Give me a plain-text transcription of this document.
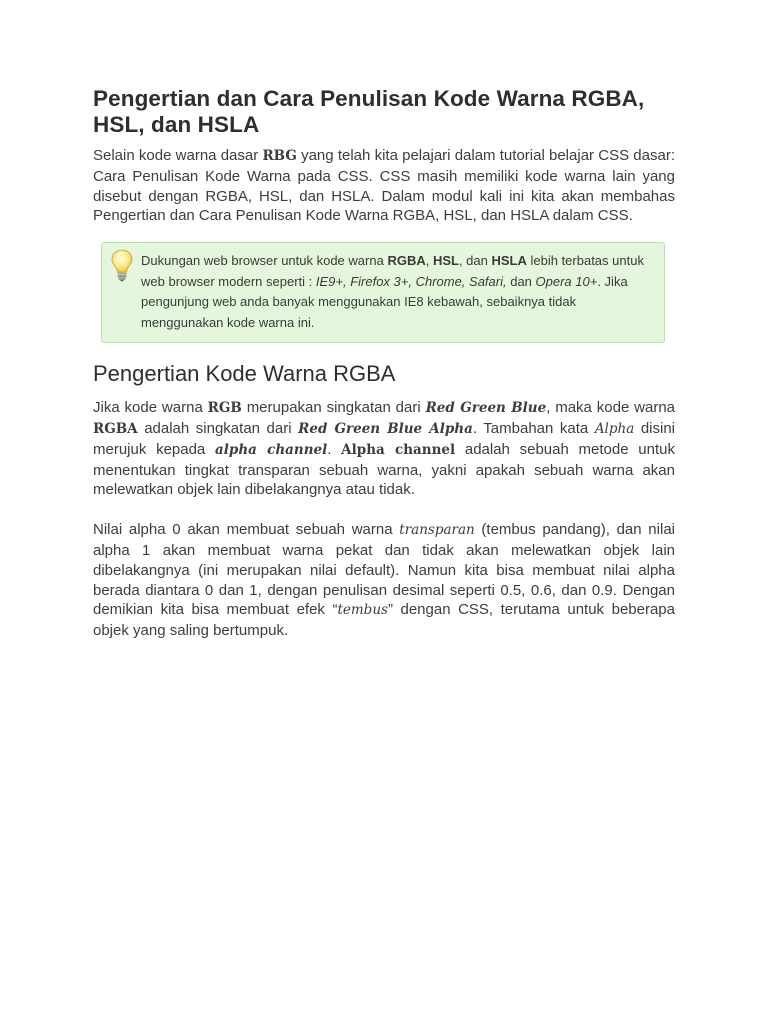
Pengertian dan Cara Penulisan Kode Warna RGBA, HSL, dan HSLA

Selain kode warna dasar RBG yang telah kita pelajari dalam tutorial belajar CSS dasar: Cara Penulisan Kode Warna pada CSS. CSS masih memiliki kode warna lain yang disebut dengan RGBA, HSL, dan HSLA. Dalam modul kali ini kita akan membahas Pengertian dan Cara Penulisan Kode Warna RGBA, HSL, dan HSLA dalam CSS.

Dukungan web browser untuk kode warna RGBA, HSL, dan HSLA lebih terbatas untuk web browser modern seperti : IE9+, Firefox 3+, Chrome, Safari, dan Opera 10+. Jika pengunjung web anda banyak menggunakan IE8 kebawah, sebaiknya tidak menggunakan kode warna ini.
Pengertian Kode Warna RGBA

Jika kode warna RGB merupakan singkatan dari Red Green Blue, maka kode warna RGBA adalah singkatan dari Red Green Blue Alpha. Tambahan kata Alpha disini merujuk kepada alpha channel. Alpha channel adalah sebuah metode untuk menentukan tingkat transparan sebuah warna, yakni apakah sebuah warna akan melewatkan objek lain dibelakangnya atau tidak.

Nilai alpha 0 akan membuat sebuah warna transparan (tembus pandang), dan nilai alpha 1 akan membuat warna pekat dan tidak akan melewatkan objek lain dibelakangnya (ini merupakan nilai default). Namun kita bisa membuat nilai alpha berada diantara 0 dan 1, dengan penulisan desimal seperti 0.5, 0.6, dan 0.9. Dengan demikian kita bisa membuat efek “tembus” dengan CSS, terutama untuk beberapa objek yang saling bertumpuk.
